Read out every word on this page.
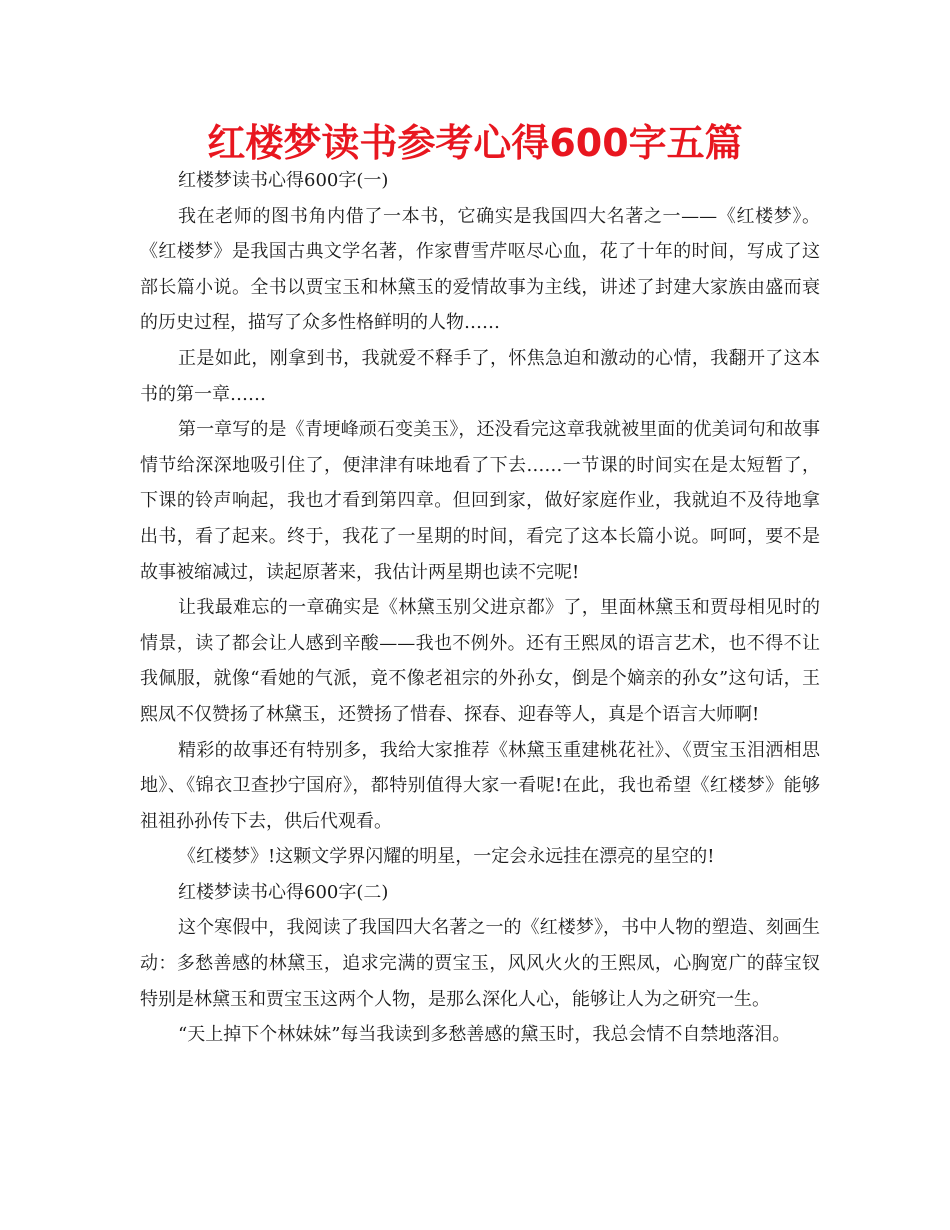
红楼梦读书参考心得600字五篇

红楼梦读书心得600字(一)

我在老师的图书角内借了一本书，它确实是我国四大名著之一——《红楼梦》。《红楼梦》是我国古典文学名著，作家曹雪芹呕尽心血，花了十年的时间，写成了这部长篇小说。全书以贾宝玉和林黛玉的爱情故事为主线，讲述了封建大家族由盛而衰的历史过程，描写了众多性格鲜明的人物……

正是如此，刚拿到书，我就爱不释手了，怀焦急迫和激动的心情，我翻开了这本书的第一章……

第一章写的是《青埂峰顽石变美玉》，还没看完这章我就被里面的优美词句和故事情节给深深地吸引住了，便津津有味地看了下去……一节课的时间实在是太短暂了，下课的铃声响起，我也才看到第四章。但回到家，做好家庭作业，我就迫不及待地拿出书，看了起来。终于，我花了一星期的时间，看完了这本长篇小说。呵呵，要不是故事被缩减过，读起原著来，我估计两星期也读不完呢!

让我最难忘的一章确实是《林黛玉别父进京都》了，里面林黛玉和贾母相见时的情景，读了都会让人感到辛酸——我也不例外。还有王熙凤的语言艺术，也不得不让我佩服，就像“看她的气派，竟不像老祖宗的外孙女，倒是个嫡亲的孙女”这句话，王熙凤不仅赞扬了林黛玉，还赞扬了惜春、探春、迎春等人，真是个语言大师啊!

精彩的故事还有特别多，我给大家推荐《林黛玉重建桃花社》、《贾宝玉泪洒相思地》、《锦衣卫查抄宁国府》，都特别值得大家一看呢!在此，我也希望《红楼梦》能够祖祖孙孙传下去，供后代观看。

《红楼梦》!这颗文学界闪耀的明星，一定会永远挂在漂亮的星空的!

红楼梦读书心得600字(二)

这个寒假中，我阅读了我国四大名著之一的《红楼梦》，书中人物的塑造、刻画生动：多愁善感的林黛玉，追求完满的贾宝玉，风风火火的王熙凤，心胸宽广的薛宝钗特别是林黛玉和贾宝玉这两个人物，是那么深化人心，能够让人为之研究一生。

“天上掉下个林妹妹”每当我读到多愁善感的黛玉时，我总会情不自禁地落泪。
